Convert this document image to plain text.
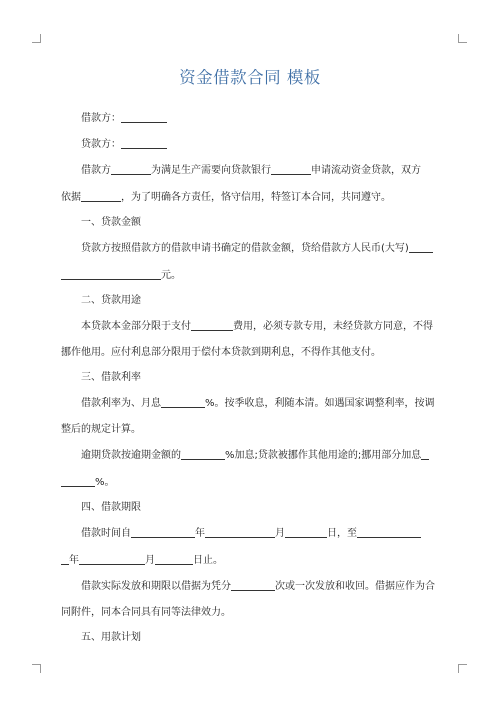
资金借款合同 模板
借款方：
贷款方：
借款方	为满足生产需要向贷款银行	申请流动资金贷款，双方
依据	，为了明确各方责任，恪守信用，特签订本合同，共同遵守。
一、贷款金额
贷款方按照借款方的借款申请书确定的借款金额，贷给借款方人民币(大写)
元。
二、贷款用途
本贷款本金部分限于支付	费用，必须专款专用，未经贷款方同意，不得
挪作他用。应付利息部分限用于偿付本贷款到期利息，不得作其他支付。
三、借款利率
借款利率为、月息	%。按季收息，利随本清。如遇国家调整利率，按调
整后的规定计算。
逾期贷款按逾期金额的	%加息;贷款被挪作其他用途的;挪用部分加息
%。
四、借款期限
借款时间自	年	月	日，至
年	月	日止。
借款实际发放和期限以借据为凭分	次或一次发放和收回。借据应作为合
同附件，同本合同具有同等法律效力。
五、用款计划
